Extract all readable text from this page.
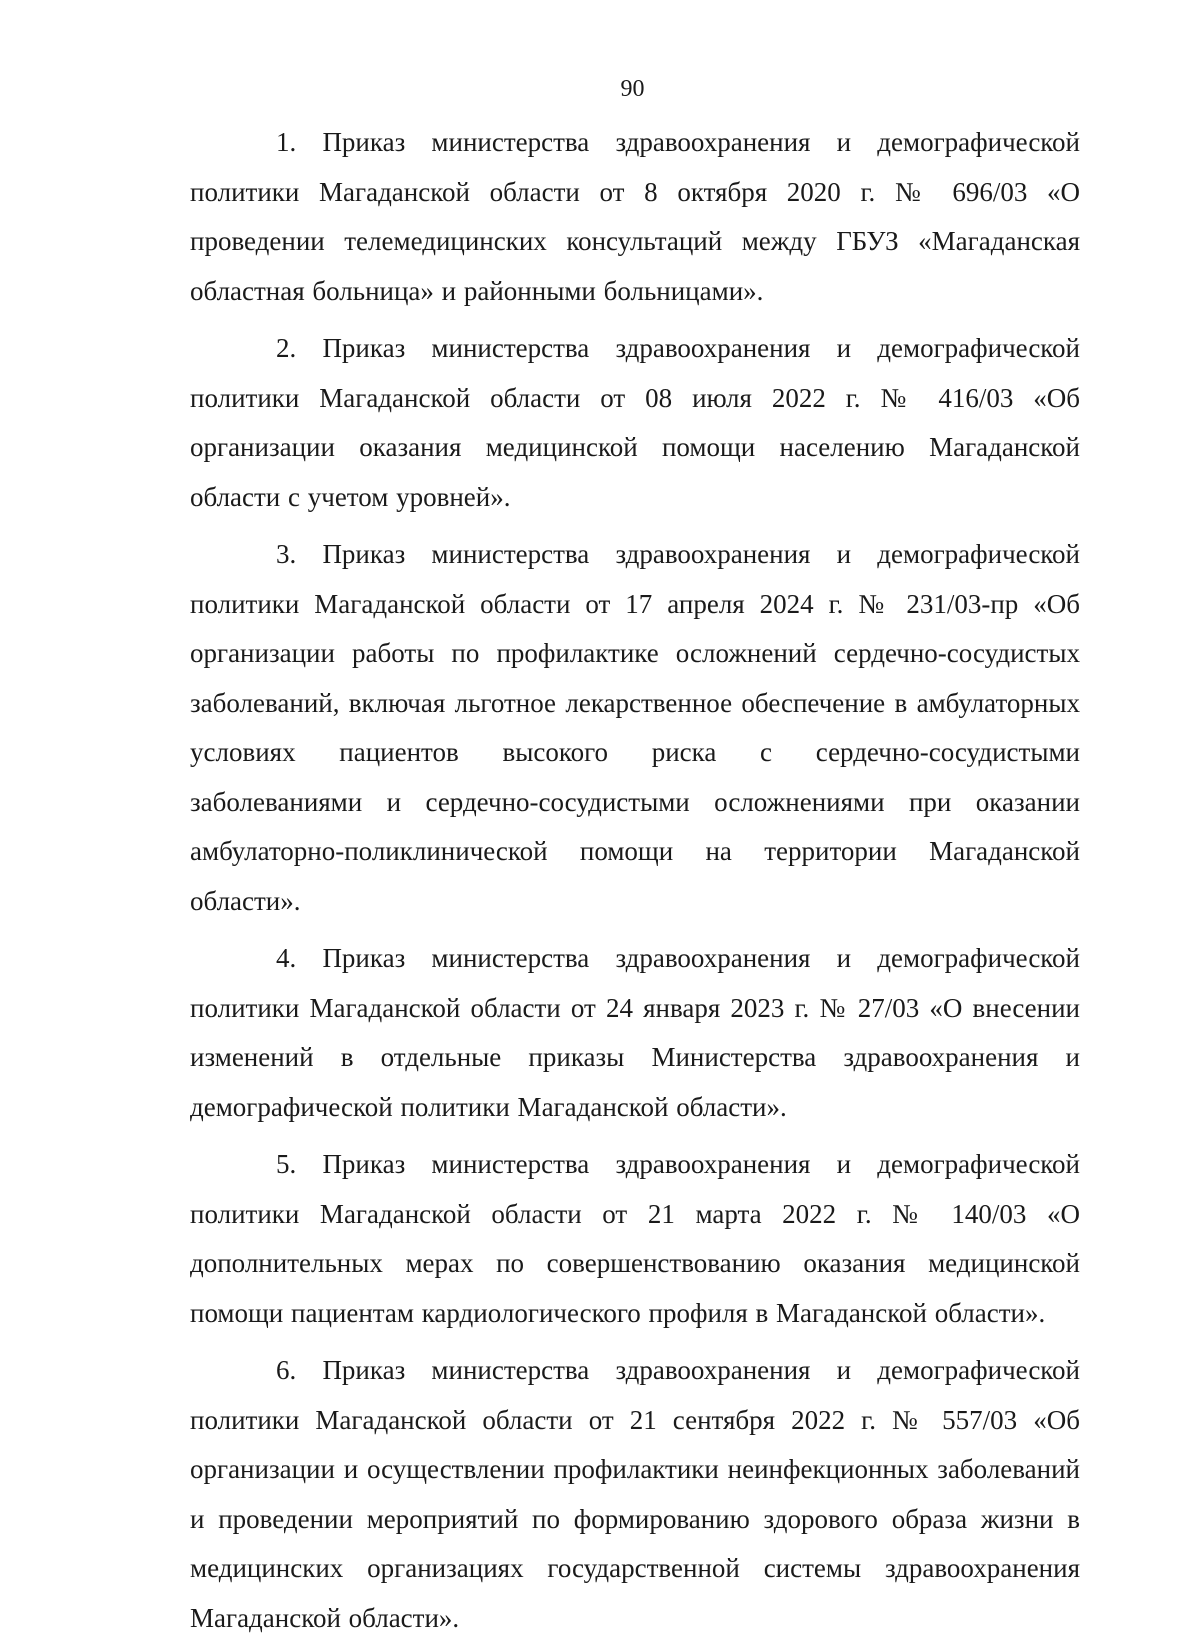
90

1. Приказ министерства здравоохранения и демографической политики Магаданской области от 8 октября 2020 г. № 696/03 «О проведении телемедицинских консультаций между ГБУЗ «Магаданская областная больница» и районными больницами».

2. Приказ министерства здравоохранения и демографической политики Магаданской области от 08 июля 2022 г. № 416/03 «Об организации оказания медицинской помощи населению Магаданской области с учетом уровней».

3. Приказ министерства здравоохранения и демографической политики Магаданской области от 17 апреля 2024 г. № 231/03-пр «Об организации работы по профилактике осложнений сердечно-сосудистых заболеваний, включая льготное лекарственное обеспечение в амбулаторных условиях пациентов высокого риска с сердечно-сосудистыми заболеваниями и сердечно-сосудистыми осложнениями при оказании амбулаторно-поликлинической помощи на территории Магаданской области».

4. Приказ министерства здравоохранения и демографической политики Магаданской области от 24 января 2023 г. № 27/03 «О внесении изменений в отдельные приказы Министерства здравоохранения и демографической политики Магаданской области».

5. Приказ министерства здравоохранения и демографической политики Магаданской области от 21 марта 2022 г. № 140/03 «О дополнительных мерах по совершенствованию оказания медицинской помощи пациентам кардиологического профиля в Магаданской области».

6. Приказ министерства здравоохранения и демографической политики Магаданской области от 21 сентября 2022 г. № 557/03 «Об организации и осуществлении профилактики неинфекционных заболеваний и проведении мероприятий по формированию здорового образа жизни в медицинских организациях государственной системы здравоохранения Магаданской области».
